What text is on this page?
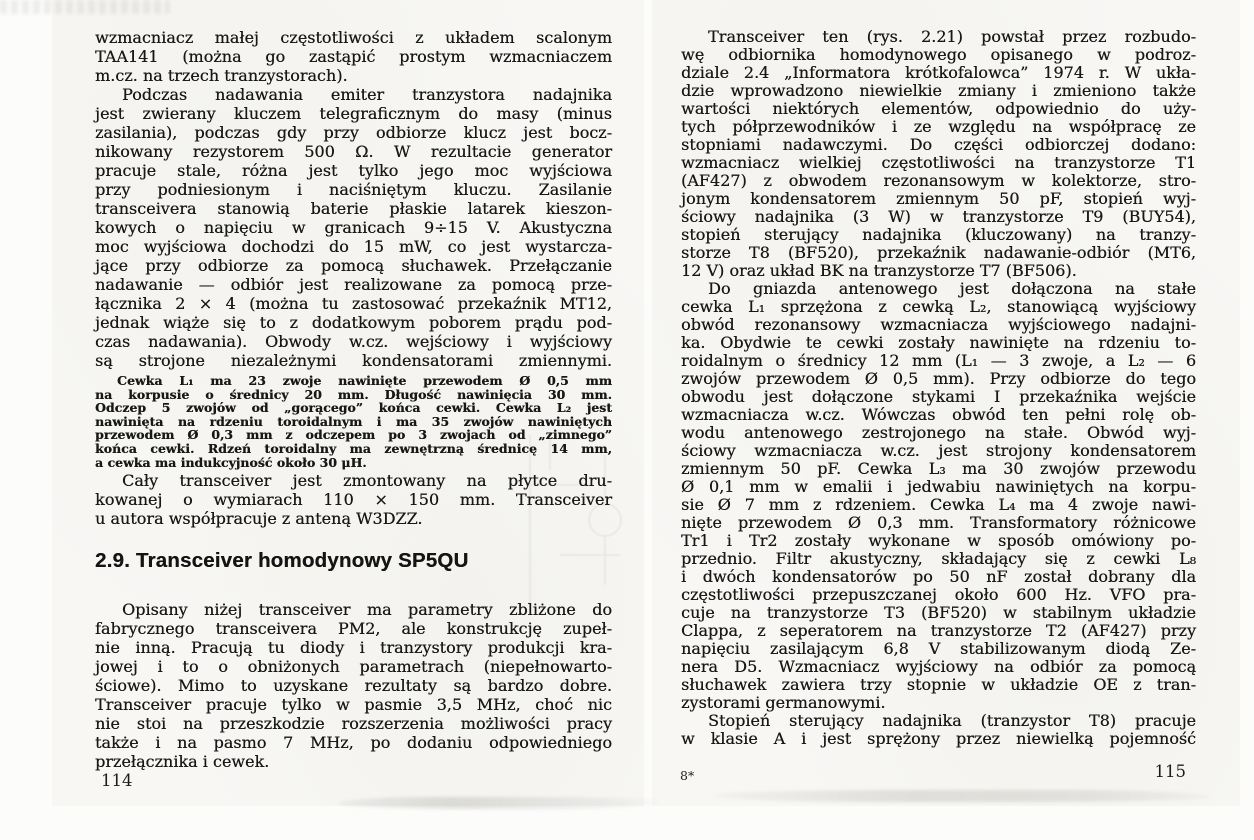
wzmacniacz małej częstotliwości z układem scalonym
TAA141 (można go zastąpić prostym wzmacniaczem
m.cz. na trzech tranzystorach).
Podczas nadawania emiter tranzystora nadajnika
jest zwierany kluczem telegraficznym do masy (minus
zasilania), podczas gdy przy odbiorze klucz jest bocz-
nikowany rezystorem 500 Ω. W rezultacie generator
pracuje stale, różna jest tylko jego moc wyjściowa
przy podniesionym i naciśniętym kluczu. Zasilanie
transceivera stanowią baterie płaskie latarek kieszon-
kowych o napięciu w granicach 9÷15 V. Akustyczna
moc wyjściowa dochodzi do 15 mW, co jest wystarcza-
jące przy odbiorze za pomocą słuchawek. Przełączanie
nadawanie — odbiór jest realizowane za pomocą prze-
łącznika 2 × 4 (można tu zastosować przekaźnik MT12,
jednak wiąże się to z dodatkowym poborem prądu pod-
czas nadawania). Obwody w.cz. wejściowy i wyjściowy
są strojone niezależnymi kondensatorami zmiennymi.
Cewka L₁ ma 23 zwoje nawinięte przewodem Ø 0,5 mm
na korpusie o średnicy 20 mm. Długość nawinięcia 30 mm.
Odczep 5 zwojów od „gorącego” końca cewki. Cewka L₂ jest
nawinięta na rdzeniu toroidalnym i ma 35 zwojów nawiniętych
przewodem Ø 0,3 mm z odczepem po 3 zwojach od „zimnego”
końca cewki. Rdzeń toroidalny ma zewnętrzną średnicę 14 mm,
a cewka ma indukcyjność około 30 μH.
Cały transceiver jest zmontowany na płytce dru-
kowanej o wymiarach 110 × 150 mm. Transceiver
u autora współpracuje z anteną W3DZZ.
2.9. Transceiver homodynowy SP5QU
Opisany niżej transceiver ma parametry zbliżone do
fabrycznego transceivera PM2, ale konstrukcję zupeł-
nie inną. Pracują tu diody i tranzystory produkcji kra-
jowej i to o obniżonych parametrach (niepełnowarto-
ściowe). Mimo to uzyskane rezultaty są bardzo dobre.
Transceiver pracuje tylko w pasmie 3,5 MHz, choć nic
nie stoi na przeszkodzie rozszerzenia możliwości pracy
także i na pasmo 7 MHz, po dodaniu odpowiedniego
przełącznika i cewek.
114
Transceiver ten (rys. 2.21) powstał przez rozbudo-
wę odbiornika homodynowego opisanego w podroz-
dziale 2.4 „Informatora krótkofalowca” 1974 r. W ukła-
dzie wprowadzono niewielkie zmiany i zmieniono także
wartości niektórych elementów, odpowiednio do uży-
tych półprzewodników i ze względu na współpracę ze
stopniami nadawczymi. Do części odbiorczej dodano:
wzmacniacz wielkiej częstotliwości na tranzystorze T1
(AF427) z obwodem rezonansowym w kolektorze, stro-
jonym kondensatorem zmiennym 50 pF, stopień wyj-
ściowy nadajnika (3 W) w tranzystorze T9 (BUY54),
stopień sterujący nadajnika (kluczowany) na tranzy-
storze T8 (BF520), przekaźnik nadawanie-odbiór (MT6,
12 V) oraz układ BK na tranzystorze T7 (BF506).
Do gniazda antenowego jest dołączona na stałe
cewka L₁ sprzężona z cewką L₂, stanowiącą wyjściowy
obwód rezonansowy wzmacniacza wyjściowego nadajni-
ka. Obydwie te cewki zostały nawinięte na rdzeniu to-
roidalnym o średnicy 12 mm (L₁ — 3 zwoje, a L₂ — 6
zwojów przewodem Ø 0,5 mm). Przy odbiorze do tego
obwodu jest dołączone stykami I przekaźnika wejście
wzmacniacza w.cz. Wówczas obwód ten pełni rolę ob-
wodu antenowego zestrojonego na stałe. Obwód wyj-
ściowy wzmacniacza w.cz. jest strojony kondensatorem
zmiennym 50 pF. Cewka L₃ ma 30 zwojów przewodu
Ø 0,1 mm w emalii i jedwabiu nawiniętych na korpu-
sie Ø 7 mm z rdzeniem. Cewka L₄ ma 4 zwoje nawi-
nięte przewodem Ø 0,3 mm. Transformatory różnicowe
Tr1 i Tr2 zostały wykonane w sposób omówiony po-
przednio. Filtr akustyczny, składający się z cewki L₈
i dwóch kondensatorów po 50 nF został dobrany dla
częstotliwości przepuszczanej około 600 Hz. VFO pra-
cuje na tranzystorze T3 (BF520) w stabilnym układzie
Clappa, z seperatorem na tranzystorze T2 (AF427) przy
napięciu zasilającym 6,8 V stabilizowanym diodą Ze-
nera D5. Wzmacniacz wyjściowy na odbiór za pomocą
słuchawek zawiera trzy stopnie w układzie OE z tran-
zystorami germanowymi.
Stopień sterujący nadajnika (tranzystor T8) pracuje
w klasie A i jest sprężony przez niewielką pojemność
8*	115
